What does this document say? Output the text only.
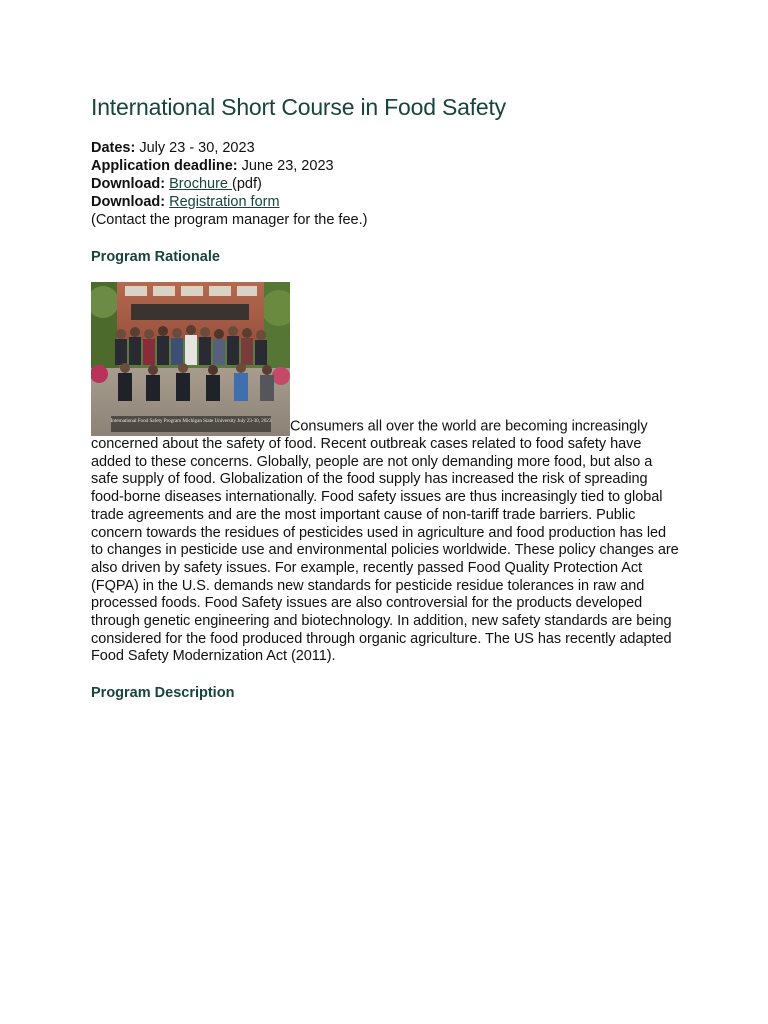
International Short Course in Food Safety
Dates: July 23 - 30, 2023
Application deadline: June 23, 2023
Download: Brochure (pdf)
Download: Registration form
(Contact the program manager for the fee.)
Program Rationale
International Food Safety Program Michigan State University July 23-30, 2023 Consumers all over the world are becoming increasingly concerned about the safety of food. Recent outbreak cases related to food safety have added to these concerns. Globally, people are not only demanding more food, but also a safe supply of food. Globalization of the food supply has increased the risk of spreading food-borne diseases internationally. Food safety issues are thus increasingly tied to global trade agreements and are the most important cause of non-tariff trade barriers. Public concern towards the residues of pesticides used in agriculture and food production has led to changes in pesticide use and environmental policies worldwide. These policy changes are also driven by safety issues. For example, recently passed Food Quality Protection Act (FQPA) in the U.S. demands new standards for pesticide residue tolerances in raw and processed foods. Food Safety issues are also controversial for the products developed through genetic engineering and biotechnology. In addition, new safety standards are being considered for the food produced through organic agriculture. The US has recently adapted Food Safety Modernization Act (2011).
Program Description
